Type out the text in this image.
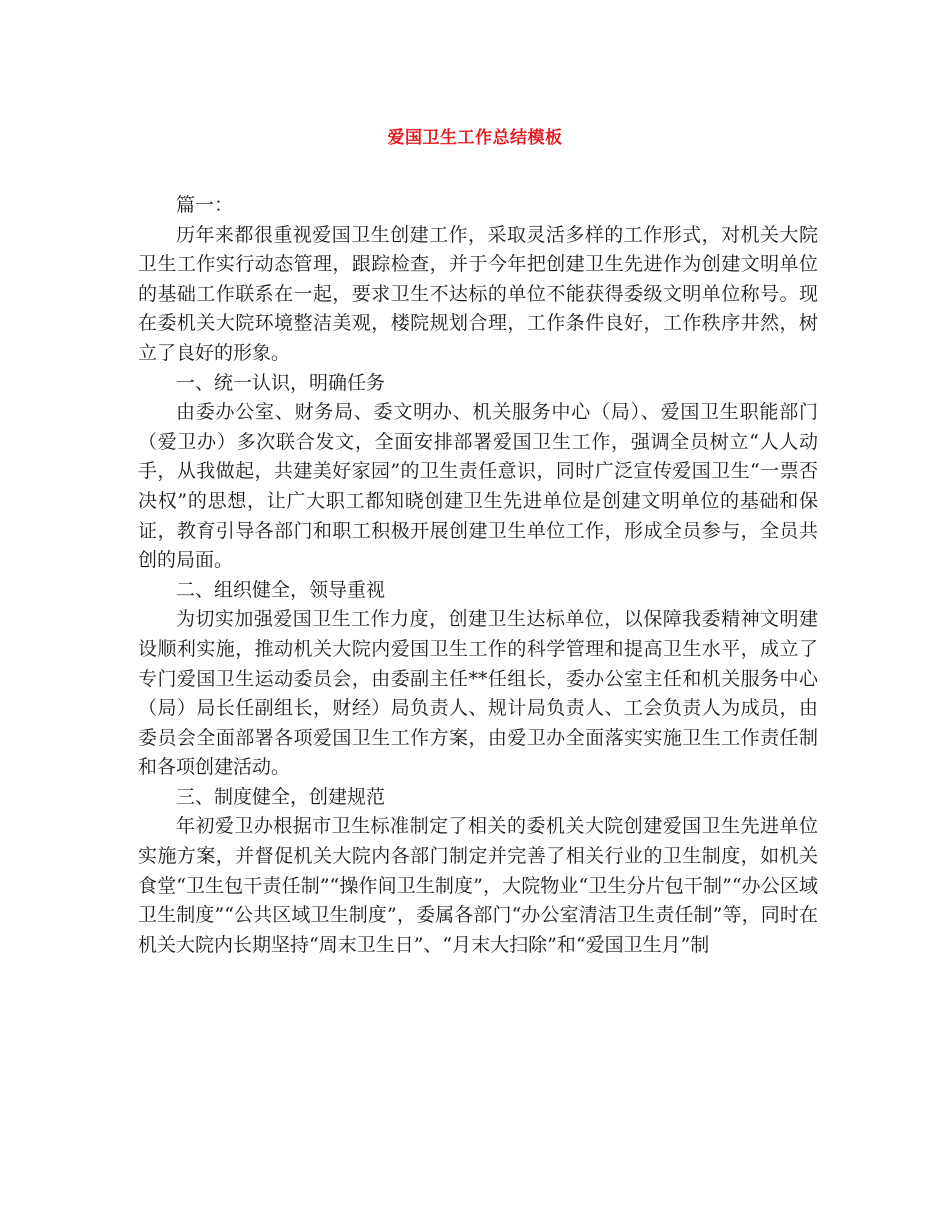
爱国卫生工作总结模板

篇一：

历年来都很重视爱国卫生创建工作，采取灵活多样的工作形式，对机关大院卫生工作实行动态管理，跟踪检查，并于今年把创建卫生先进作为创建文明单位的基础工作联系在一起，要求卫生不达标的单位不能获得委级文明单位称号。现在委机关大院环境整洁美观，楼院规划合理，工作条件良好，工作秩序井然，树立了良好的形象。

一、统一认识，明确任务

由委办公室、财务局、委文明办、机关服务中心（局）、爱国卫生职能部门（爱卫办）多次联合发文，全面安排部署爱国卫生工作，强调全员树立“人人动手，从我做起，共建美好家园”的卫生责任意识，同时广泛宣传爱国卫生“一票否决权”的思想，让广大职工都知晓创建卫生先进单位是创建文明单位的基础和保证，教育引导各部门和职工积极开展创建卫生单位工作，形成全员参与，全员共创的局面。

二、组织健全，领导重视

为切实加强爱国卫生工作力度，创建卫生达标单位，以保障我委精神文明建设顺利实施，推动机关大院内爱国卫生工作的科学管理和提高卫生水平，成立了专门爱国卫生运动委员会，由委副主任**任组长，委办公室主任和机关服务中心（局）局长任副组长，财经）局负责人、规计局负责人、工会负责人为成员，由委员会全面部署各项爱国卫生工作方案，由爱卫办全面落实实施卫生工作责任制和各项创建活动。

三、制度健全，创建规范

年初爱卫办根据市卫生标准制定了相关的委机关大院创建爱国卫生先进单位实施方案，并督促机关大院内各部门制定并完善了相关行业的卫生制度，如机关食堂“卫生包干责任制”“操作间卫生制度”，大院物业“卫生分片包干制”“办公区域卫生制度”“公共区域卫生制度”，委属各部门“办公室清洁卫生责任制”等，同时在机关大院内长期坚持“周末卫生日”、“月末大扫除”和“爱国卫生月”制
